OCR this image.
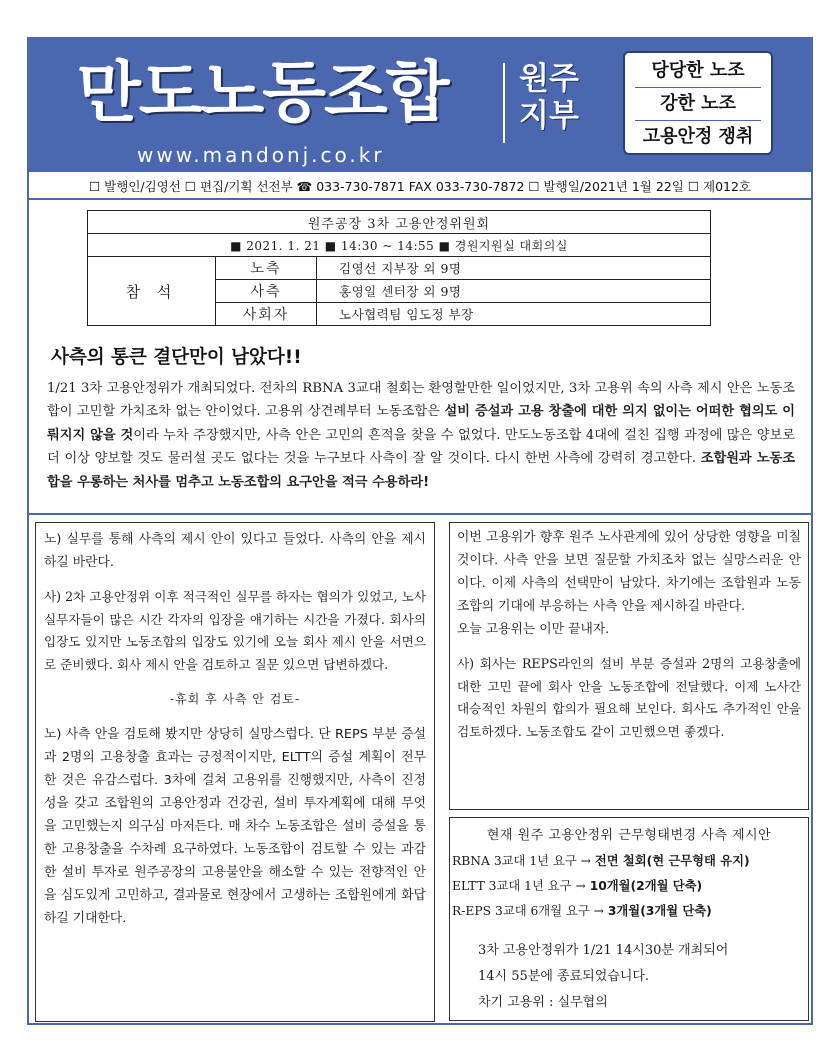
만도노동조합 원주
지부
www.mandonj.co.kr
당당한 노조
강한 노조
고용안정 쟁취
☐ 발행인/김영선 ☐ 편집/기획 선전부 ☎ 033-730-7871 FAX 033-730-7872 ☐ 발행일/2021년 1월 22일 ☐ 제012호
원주공장 3차 고용안정위원회		
■ 2021. 1. 21 ■ 14:30 ~ 14:55 ■ 경원지원실 대회의실		
참 석	노측	김영선 지부장 외 9명
	사측	홍영일 센터장 외 9명
	사회자	노사협력팀 임도정 부장
사측의 통큰 결단만이 남았다!!
1/21 3차 고용안정위가 개최되었다. 전차의 RBNA 3교대 철회는 환영할만한 일이었지만, 3차 고용위 속의 사측 제시 안은 노동조합이 고민할 가치조차 없는 안이었다. 고용위 상견례부터 노동조합은 설비 증설과 고용 창출에 대한 의지 없이는 어떠한 협의도 이뤄지지 않을 것이라 누차 주장했지만, 사측 안은 고민의 흔적을 찾을 수 없었다. 만도노동조합 4대에 걸친 집행 과정에 많은 양보로 더 이상 양보할 것도 물러설 곳도 없다는 것을 누구보다 사측이 잘 알 것이다. 다시 한번 사측에 강력히 경고한다. 조합원과 노동조합을 우롱하는 처사를 멈추고 노동조합의 요구안을 적극 수용하라!
노) 실무를 통해 사측의 제시 안이 있다고 들었다. 사측의 안을 제시하길 바란다.
사) 2차 고용안정위 이후 적극적인 실무를 하자는 협의가 있었고, 노사 실무자들이 많은 시간 각자의 입장을 얘기하는 시간을 가졌다. 회사의 입장도 있지만 노동조합의 입장도 있기에 오늘 회사 제시 안을 서면으로 준비했다. 회사 제시 안을 검토하고 질문 있으면 답변하겠다.
-휴회 후 사측 안 검토-
노) 사측 안을 검토해 봤지만 상당히 실망스럽다. 단 REPS 부분 증설과 2명의 고용창출 효과는 긍정적이지만, ELTT의 증설 계획이 전무한 것은 유감스럽다. 3차에 걸쳐 고용위를 진행했지만, 사측이 진정성을 갖고 조합원의 고용안정과 건강권, 설비 투자계획에 대해 무엇을 고민했는지 의구심 마저든다. 매 차수 노동조합은 설비 증설을 통한 고용창출을 수차례 요구하였다. 노동조합이 검토할 수 있는 과감한 설비 투자로 원주공장의 고용불안을 해소할 수 있는 전향적인 안을 심도있게 고민하고, 결과물로 현장에서 고생하는 조합원에게 화답하길 기대한다.
이번 고용위가 향후 원주 노사관계에 있어 상당한 영향을 미칠 것이다. 사측 안을 보면 질문할 가치조차 없는 실망스러운 안이다. 이제 사측의 선택만이 남았다. 차기에는 조합원과 노동조합의 기대에 부응하는 사측 안을 제시하길 바란다.
오늘 고용위는 이만 끝내자.
사) 회사는 REPS라인의 설비 부분 증설과 2명의 고용창출에 대한 고민 끝에 회사 안을 노동조합에 전달했다. 이제 노사간 대승적인 차원의 합의가 필요해 보인다. 회사도 추가적인 안을 검토하겠다. 노동조합도 같이 고민했으면 좋겠다.
현재 원주 고용안정위 근무형태변경 사측 제시안
RBNA 3교대 1년 요구 → 전면 철회(현 근무형태 유지)
ELTT 3교대 1년 요구 → 10개월(2개월 단축)
R-EPS 3교대 6개월 요구 → 3개월(3개월 단축)
3차 고용안정위가 1/21 14시30분 개최되어
14시 55분에 종료되었습니다.
차기 고용위 : 실무협의
